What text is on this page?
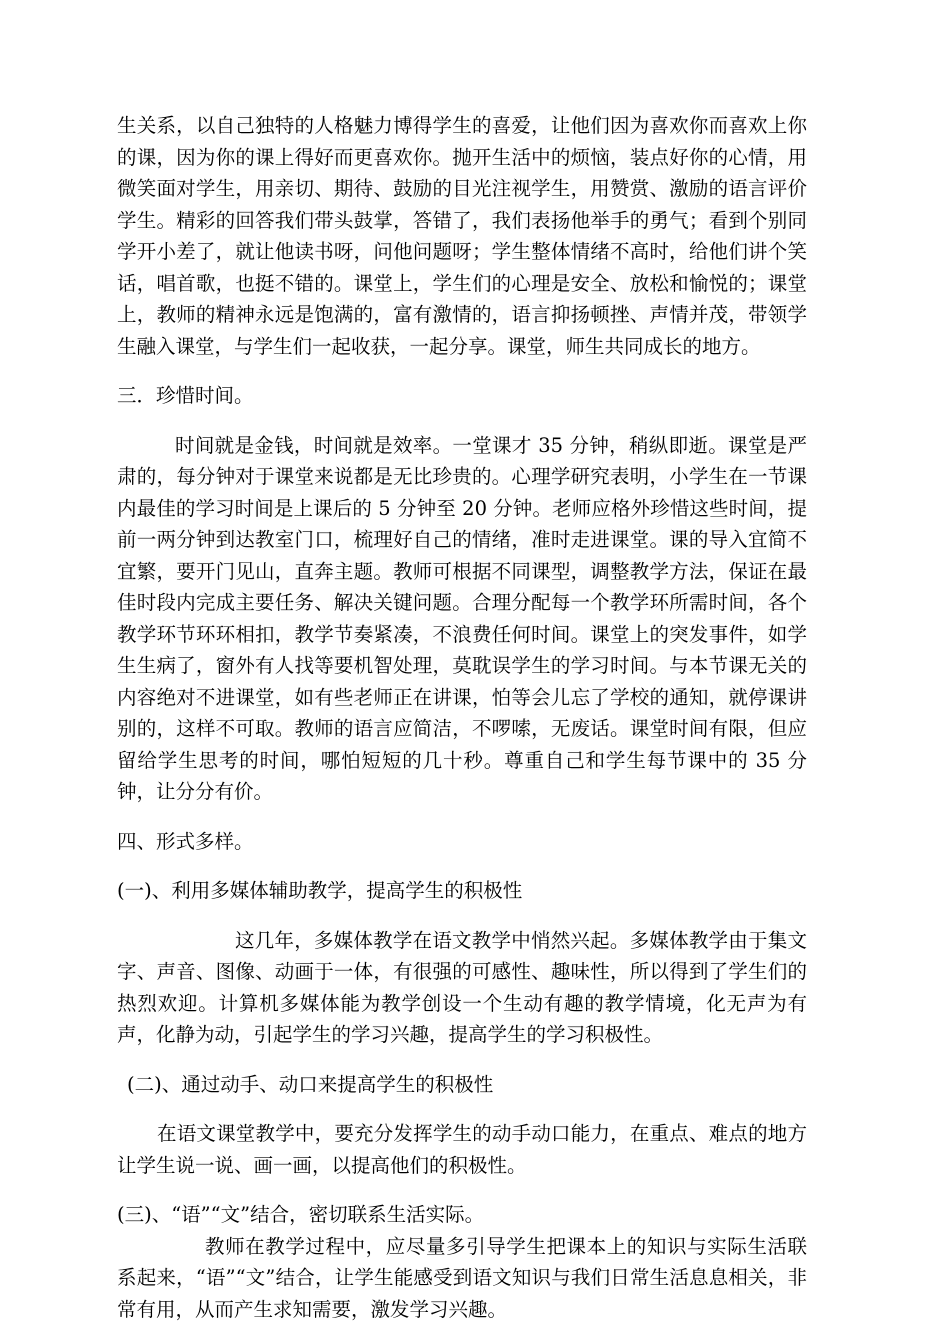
生关系，以自己独特的人格魅力博得学生的喜爱，让他们因为喜欢你而喜欢上你的课，因为你的课上得好而更喜欢你。抛开生活中的烦恼，装点好你的心情，用微笑面对学生，用亲切、期待、鼓励的目光注视学生，用赞赏、激励的语言评价学生。精彩的回答我们带头鼓掌，答错了，我们表扬他举手的勇气；看到个别同学开小差了，就让他读书呀，问他问题呀；学生整体情绪不高时，给他们讲个笑话，唱首歌，也挺不错的。课堂上，学生们的心理是安全、放松和愉悦的；课堂上，教师的精神永远是饱满的，富有激情的，语言抑扬顿挫、声情并茂，带领学生融入课堂，与学生们一起收获，一起分享。课堂，师生共同成长的地方。

三．珍惜时间。

时间就是金钱，时间就是效率。一堂课才 35 分钟，稍纵即逝。课堂是严肃的，每分钟对于课堂来说都是无比珍贵的。心理学研究表明，小学生在一节课内最佳的学习时间是上课后的 5 分钟至 20 分钟。老师应格外珍惜这些时间，提前一两分钟到达教室门口，梳理好自己的情绪，准时走进课堂。课的导入宜简不宜繁，要开门见山，直奔主题。教师可根据不同课型，调整教学方法，保证在最佳时段内完成主要任务、解决关键问题。合理分配每一个教学环所需时间，各个教学环节环环相扣，教学节奏紧凑，不浪费任何时间。课堂上的突发事件，如学生生病了，窗外有人找等要机智处理，莫耽误学生的学习时间。与本节课无关的内容绝对不进课堂，如有些老师正在讲课，怕等会儿忘了学校的通知，就停课讲别的，这样不可取。教师的语言应简洁，不啰嗦，无废话。课堂时间有限，但应留给学生思考的时间，哪怕短短的几十秒。尊重自己和学生每节课中的 35 分钟，让分分有价。

四、形式多样。

(一)、利用多媒体辅助教学，提高学生的积极性

这几年，多媒体教学在语文教学中悄然兴起。多媒体教学由于集文字、声音、图像、动画于一体，有很强的可感性、趣味性，所以得到了学生们的热烈欢迎。计算机多媒体能为教学创设一个生动有趣的教学情境，化无声为有声，化静为动，引起学生的学习兴趣，提高学生的学习积极性。

(二)、通过动手、动口来提高学生的积极性

在语文课堂教学中，要充分发挥学生的动手动口能力，在重点、难点的地方让学生说一说、画一画，以提高他们的积极性。

(三)、“语”“文”结合，密切联系生活实际。

教师在教学过程中，应尽量多引导学生把课本上的知识与实际生活联系起来，“语”“文”结合，让学生能感受到语文知识与我们日常生活息息相关，非常有用，从而产生求知需要，激发学习兴趣。
